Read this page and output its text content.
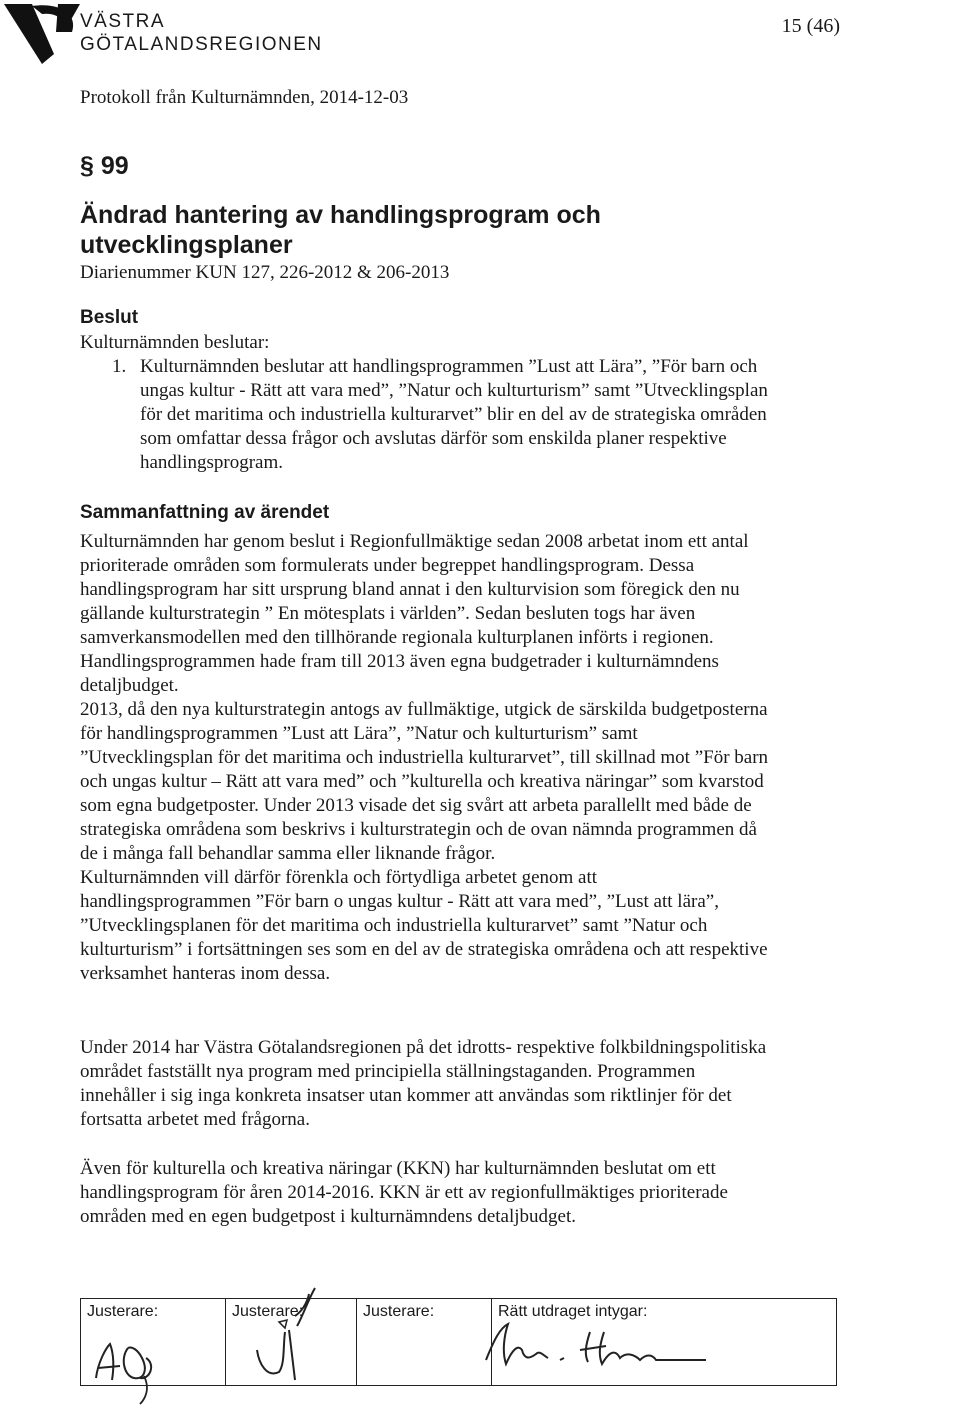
VÄSTRA
GÖTALANDSREGIONEN
15 (46)
Protokoll från Kulturnämnden, 2014-12-03
§ 99
Ändrad hantering av handlingsprogram och utvecklingsplaner
Diarienummer KUN 127, 226-2012 & 206-2013
Beslut
Kulturnämnden beslutar:
1. Kulturnämnden beslutar att handlingsprogrammen ”Lust att Lära”, ”För barn och ungas kultur - Rätt att vara med”, ”Natur och kulturturism” samt ”Utvecklingsplan för det maritima och industriella kulturarvet” blir en del av de strategiska områden som omfattar dessa frågor och avslutas därför som enskilda planer respektive handlingsprogram.
Sammanfattning av ärendet

Kulturnämnden har genom beslut i Regionfullmäktige sedan 2008 arbetat inom ett antal prioriterade områden som formulerats under begreppet handlingsprogram. Dessa handlingsprogram har sitt ursprung bland annat i den kulturvision som föregick den nu gällande kulturstrategin ” En mötesplats i världen”. Sedan besluten togs har även samverkansmodellen med den tillhörande regionala kulturplanen införts i regionen. Handlingsprogrammen hade fram till 2013 även egna budgetrader i kulturnämndens detaljbudget.

2013, då den nya kulturstrategin antogs av fullmäktige, utgick de särskilda budgetposterna för handlingsprogrammen ”Lust att Lära”, ”Natur och kulturturism” samt ”Utvecklingsplan för det maritima och industriella kulturarvet”, till skillnad mot ”För barn och ungas kultur – Rätt att vara med” och ”kulturella och kreativa näringar” som kvarstod som egna budgetposter. Under 2013 visade det sig svårt att arbeta parallellt med både de strategiska områdena som beskrivs i kulturstrategin och de ovan nämnda programmen då de i många fall behandlar samma eller liknande frågor.

Kulturnämnden vill därför förenkla och förtydliga arbetet genom att handlingsprogrammen ”För barn o ungas kultur - Rätt att vara med”, ”Lust att lära”, ”Utvecklingsplanen för det maritima och industriella kulturarvet” samt ”Natur och kulturturism” i fortsättningen ses som en del av de strategiska områdena och att respektive verksamhet hanteras inom dessa.

Under 2014 har Västra Götalandsregionen på det idrotts- respektive folkbildningspolitiska området fastställt nya program med principiella ställningstaganden. Programmen innehåller i sig inga konkreta insatser utan kommer att användas som riktlinjer för det fortsatta arbetet med frågorna.

Även för kulturella och kreativa näringar (KKN) har kulturnämnden beslutat om ett handlingsprogram för åren 2014-2016. KKN är ett av regionfullmäktiges prioriterade områden med en egen budgetpost i kulturnämndens detaljbudget.

Justerare:	Justerare:	Justerare:	Rätt utdraget intygar:
